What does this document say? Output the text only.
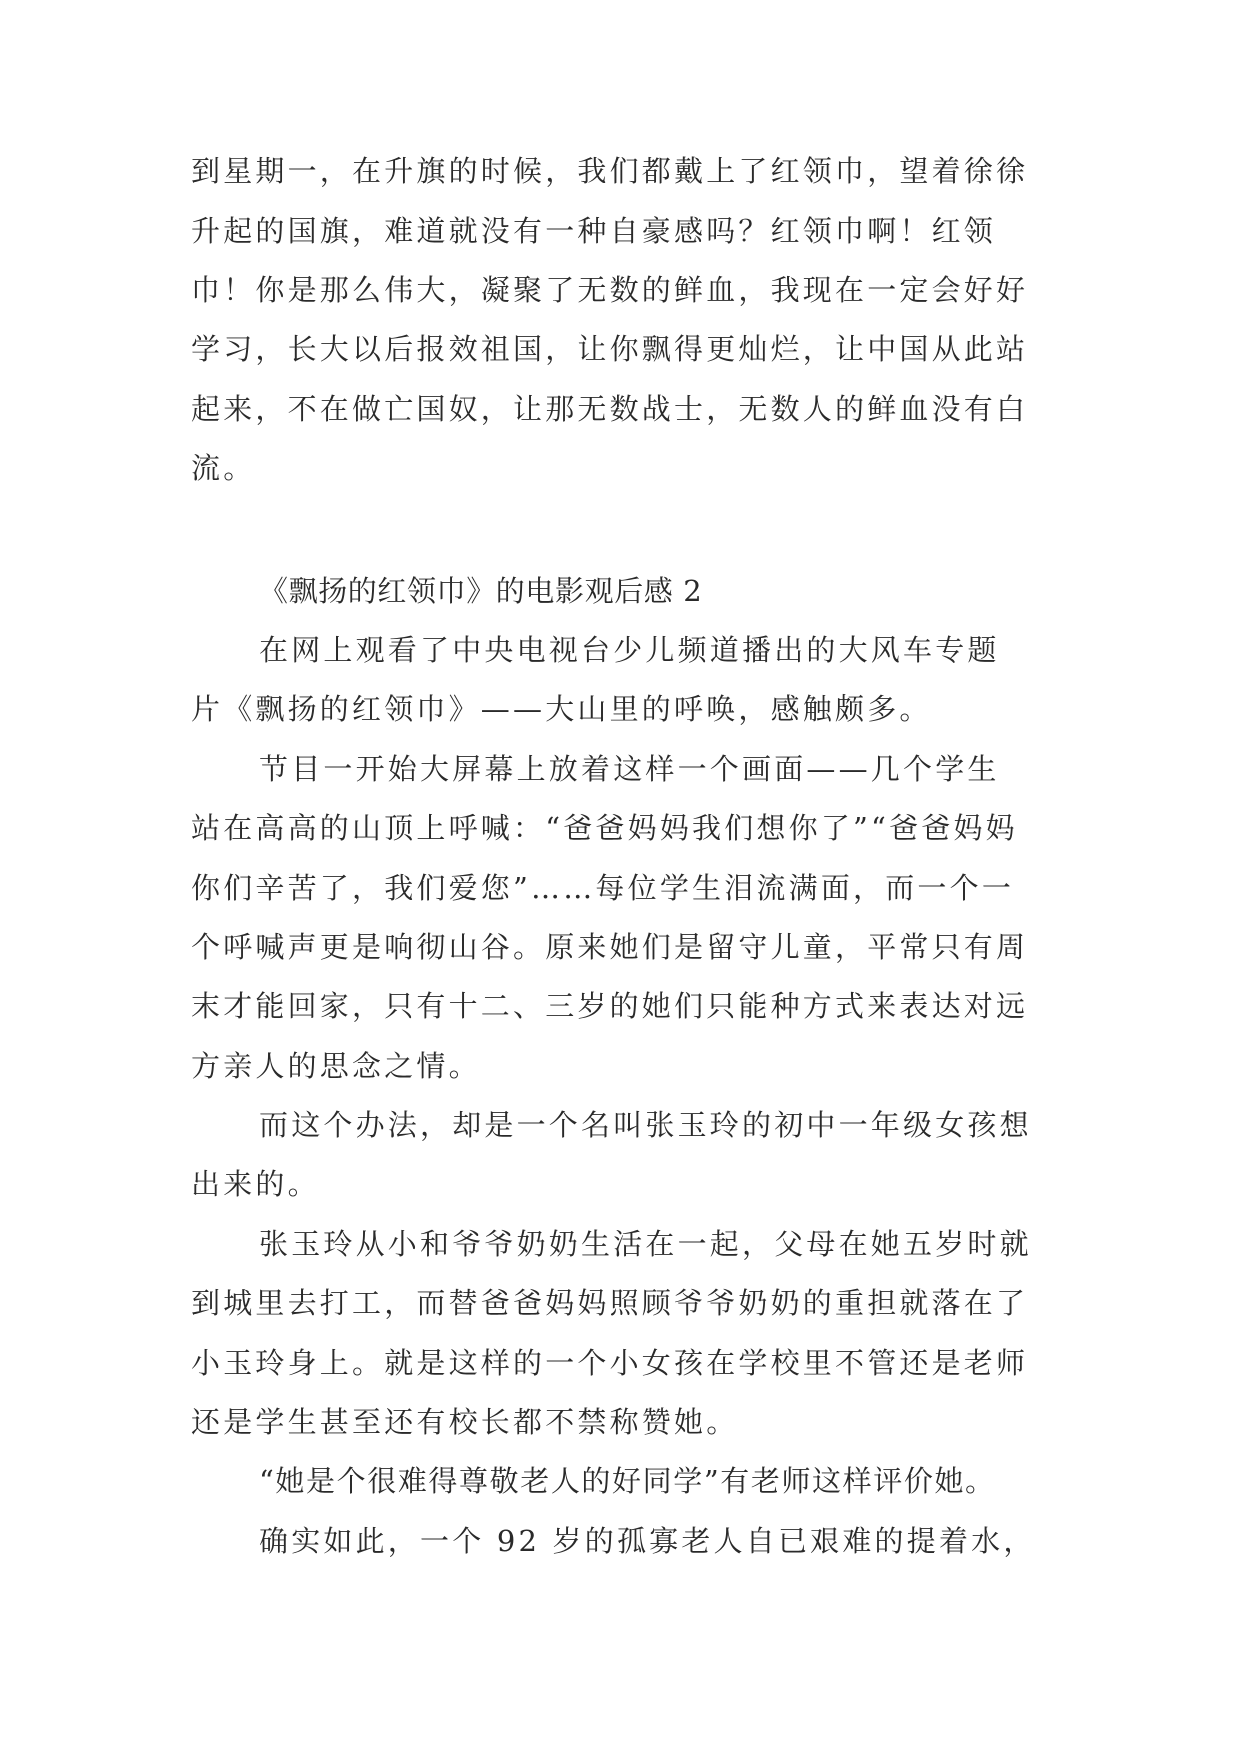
到星期一，在升旗的时候，我们都戴上了红领巾，望着徐徐
升起的国旗，难道就没有一种自豪感吗？红领巾啊！红领
巾！你是那么伟大，凝聚了无数的鲜血，我现在一定会好好
学习，长大以后报效祖国，让你飘得更灿烂，让中国从此站
起来，不在做亡国奴，让那无数战士，无数人的鲜血没有白
流。
《飘扬的红领巾》的电影观后感 2
在网上观看了中央电视台少儿频道播出的大风车专题
片《飘扬的红领巾》——大山里的呼唤，感触颇多。
节目一开始大屏幕上放着这样一个画面——几个学生
站在高高的山顶上呼喊：“爸爸妈妈我们想你了”“爸爸妈妈
你们辛苦了，我们爱您”……每位学生泪流满面，而一个一
个呼喊声更是响彻山谷。原来她们是留守儿童，平常只有周
末才能回家，只有十二、三岁的她们只能种方式来表达对远
方亲人的思念之情。
而这个办法，却是一个名叫张玉玲的初中一年级女孩想
出来的。
张玉玲从小和爷爷奶奶生活在一起，父母在她五岁时就
到城里去打工，而替爸爸妈妈照顾爷爷奶奶的重担就落在了
小玉玲身上。就是这样的一个小女孩在学校里不管还是老师
还是学生甚至还有校长都不禁称赞她。
“她是个很难得尊敬老人的好同学”有老师这样评价她。
确实如此，一个 92 岁的孤寡老人自已艰难的提着水，
